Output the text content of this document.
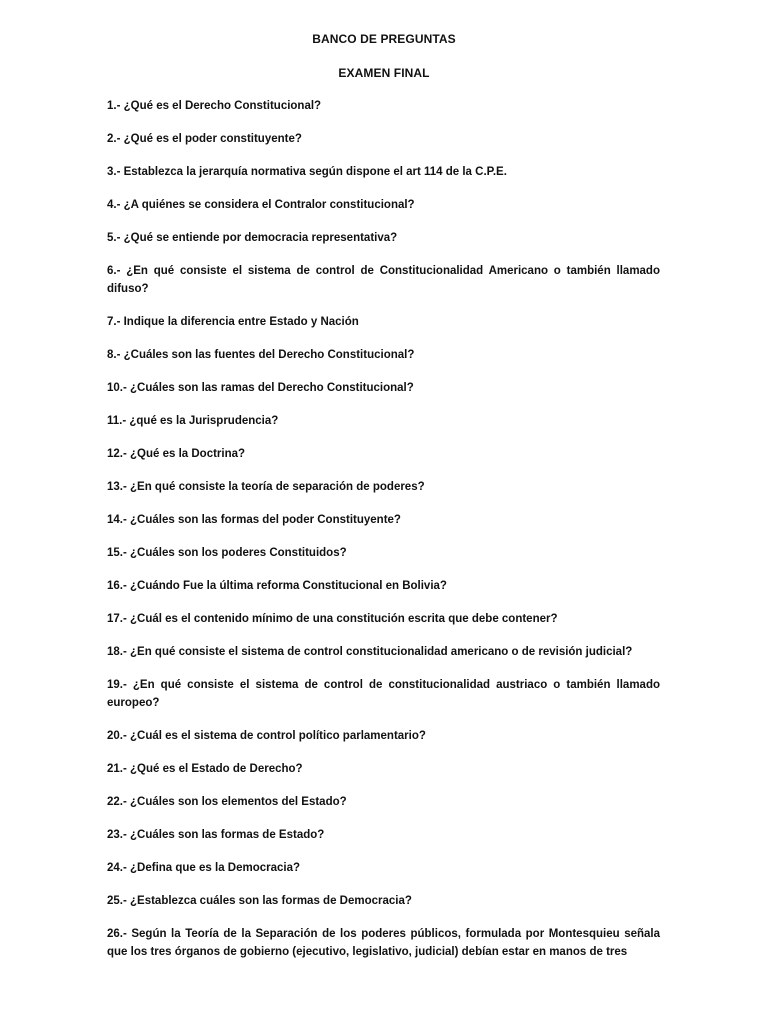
BANCO DE PREGUNTAS
EXAMEN FINAL

1.- ¿Qué es el Derecho Constitucional?

2.- ¿Qué es el poder constituyente?

3.- Establezca la jerarquía normativa según dispone el art 114 de la C.P.E.

4.- ¿A quiénes se considera el Contralor constitucional?

5.- ¿Qué se entiende por democracia representativa?

6.- ¿En qué consiste el sistema de control de Constitucionalidad Americano o también llamado difuso?

7.- Indique la diferencia entre Estado y Nación

8.- ¿Cuáles son las fuentes del Derecho Constitucional?

10.- ¿Cuáles son las ramas del Derecho Constitucional?

11.- ¿qué es la Jurisprudencia?

12.- ¿Qué es la Doctrina?

13.- ¿En qué consiste la teoría de separación de poderes?

14.- ¿Cuáles son las formas del poder Constituyente?

15.- ¿Cuáles son los poderes Constituidos?

16.- ¿Cuándo Fue la última reforma Constitucional en Bolivia?

17.- ¿Cuál es el contenido mínimo de una constitución escrita que debe contener?

18.- ¿En qué consiste el sistema de control constitucionalidad americano o de revisión judicial?

19.- ¿En qué consiste el sistema de control de constitucionalidad austriaco o también llamado europeo?

20.- ¿Cuál es el sistema de control político parlamentario?

21.- ¿Qué es el Estado de Derecho?

22.- ¿Cuáles son los elementos del Estado?

23.- ¿Cuáles son las formas de Estado?

24.- ¿Defina que es la Democracia?

25.- ¿Establezca cuáles son las formas de Democracia?

26.- Según la Teoría de la Separación de los poderes públicos, formulada por Montesquieu señala que los tres órganos de gobierno (ejecutivo, legislativo, judicial) debían estar en manos de tres
